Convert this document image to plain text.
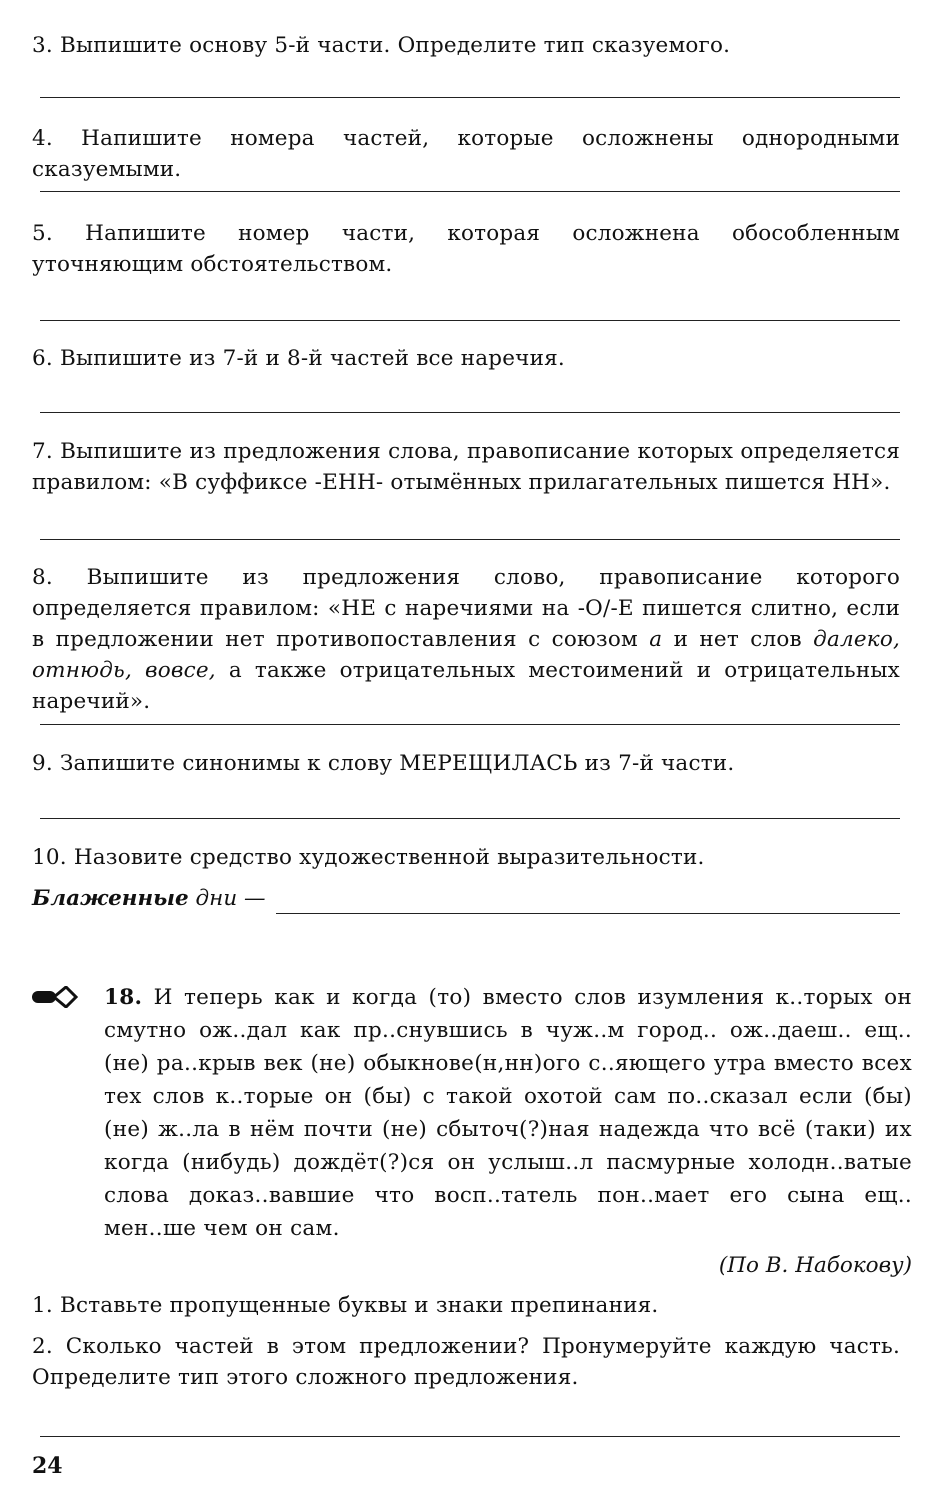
3. Выпишите основу 5-й части. Определите тип сказуемого.
4. Напишите номера частей, которые осложнены однородными сказуемыми.
5. Напишите номер части, которая осложнена обособленным уточняющим обстоятельством.
6. Выпишите из 7-й и 8-й частей все наречия.
7. Выпишите из предложения слова, правописание которых определяется правилом: «В суффиксе -ЕНН- отымённых прилагательных пишется НН».
8. Выпишите из предложения слово, правописание которого определяется правилом: «НЕ с наречиями на -О/-Е пишется слитно, если в предложении нет противопоставления с союзом а и нет слов далеко, отнюдь, вовсе, а также отрицательных местоимений и отрицательных наречий».
9. Запишите синонимы к слову МЕРЕЩИЛАСЬ из 7-й части.
10. Назовите средство художественной выразительности.
Блаженные дни —
18. И теперь как и когда (то) вместо слов изумления к..торых он смутно ож..дал как пр..снувшись в чуж..м город.. ож..даеш.. ещ.. (не) ра..крыв век (не) обыкнове(н,нн)ого с..яющего утра вместо всех тех слов к..торые он (бы) с такой охотой сам по..сказал если (бы) (не) ж..ла в нём почти (не) сбыточ(?)ная надежда что всё (таки) их когда (нибудь) дождёт(?)ся он услыш..л пасмурные холодн..ватые слова доказ..вавшие что восп..татель пон..мает его сына ещ.. мен..ше чем он сам.
(По В. Набокову)
1. Вставьте пропущенные буквы и знаки препинания.
2. Сколько частей в этом предложении? Пронумеруйте каждую часть. Определите тип этого сложного предложения.
24
